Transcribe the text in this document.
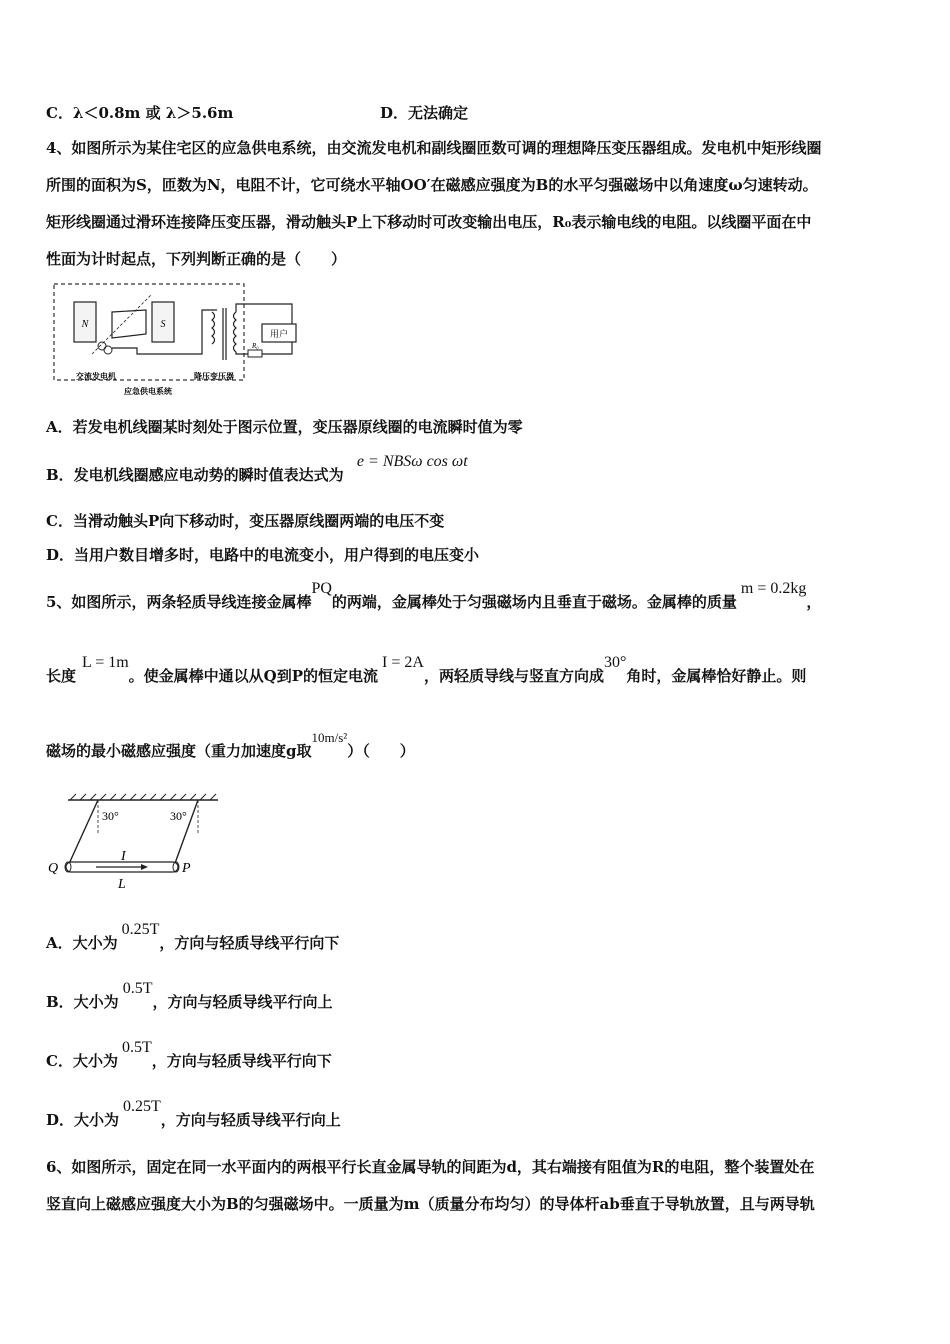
C．λ＜0.8m 或 λ＞5.6m	D．无法确定
4、如图所示为某住宅区的应急供电系统，由交流发电机和副线圈匝数可调的理想降压变压器组成。发电机中矩形线圈
所围的面积为S，匝数为N，电阻不计，它可绕水平轴OO′在磁感应强度为B的水平匀强磁场中以角速度ω匀速转动。
矩形线圈通过滑环连接降压变压器，滑动触头P上下移动时可改变输出电压，R₀表示输电线的电阻。以线圈平面在中
性面为计时起点，下列判断正确的是（　　）
N	S
用户
R₀
交流发电机	降压变压器
应急供电系统
A．若发电机线圈某时刻处于图示位置，变压器原线圈的电流瞬时值为零
B．发电机线圈感应电动势的瞬时值表达式为 e = NBSω cos ωt
C．当滑动触头P向下移动时，变压器原线圈两端的电压不变
D．当用户数目增多时，电路中的电流变小，用户得到的电压变小
5、如图所示，两条轻质导线连接金属棒PQ的两端，金属棒处于匀强磁场内且垂直于磁场。金属棒的质量m = 0.2kg，
长度L = 1m。使金属棒中通以从Q到P的恒定电流I = 2A，两轻质导线与竖直方向成30°角时，金属棒恰好静止。则
磁场的最小磁感应强度（重力加速度g取10m/s²）（　　）
30°	30°
Q	P
I
L
A．大小为0.25T，方向与轻质导线平行向下
B．大小为0.5T，方向与轻质导线平行向上
C．大小为0.5T，方向与轻质导线平行向下
D．大小为0.25T，方向与轻质导线平行向上
6、如图所示，固定在同一水平面内的两根平行长直金属导轨的间距为d，其右端接有阻值为R的电阻，整个装置处在
竖直向上磁感应强度大小为B的匀强磁场中。一质量为m（质量分布均匀）的导体杆ab垂直于导轨放置，且与两导轨
